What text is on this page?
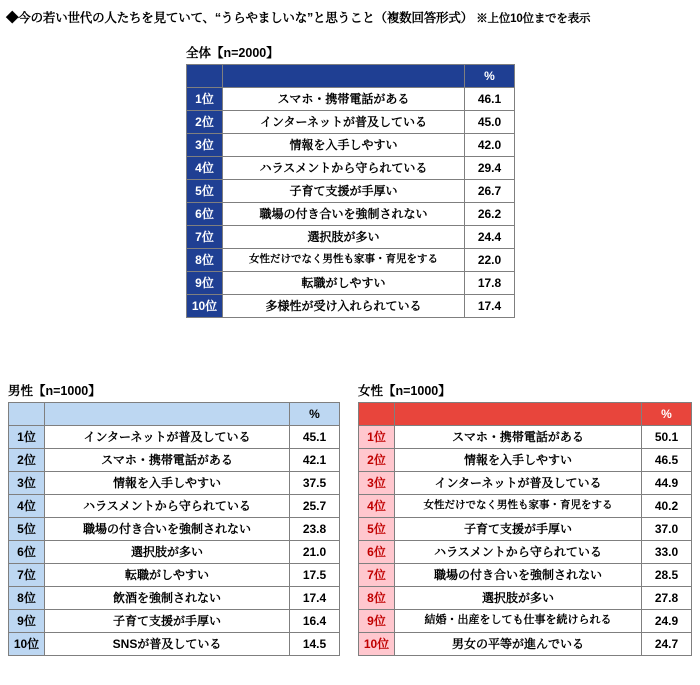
◆今の若い世代の人たちを見ていて、“うらやましいな”と思うこと（複数回答形式） ※上位10位までを表示
全体【n=2000】
		%
1位	スマホ・携帯電話がある	46.1
2位	インターネットが普及している	45.0
3位	情報を入手しやすい	42.0
4位	ハラスメントから守られている	29.4
5位	子育て支援が手厚い	26.7
6位	職場の付き合いを強制されない	26.2
7位	選択肢が多い	24.4
8位	女性だけでなく男性も家事・育児をする	22.0
9位	転職がしやすい	17.8
10位	多様性が受け入れられている	17.4
男性【n=1000】
		%
1位	インターネットが普及している	45.1
2位	スマホ・携帯電話がある	42.1
3位	情報を入手しやすい	37.5
4位	ハラスメントから守られている	25.7
5位	職場の付き合いを強制されない	23.8
6位	選択肢が多い	21.0
7位	転職がしやすい	17.5
8位	飲酒を強制されない	17.4
9位	子育て支援が手厚い	16.4
10位	SNSが普及している	14.5
女性【n=1000】
		%
1位	スマホ・携帯電話がある	50.1
2位	情報を入手しやすい	46.5
3位	インターネットが普及している	44.9
4位	女性だけでなく男性も家事・育児をする	40.2
5位	子育て支援が手厚い	37.0
6位	ハラスメントから守られている	33.0
7位	職場の付き合いを強制されない	28.5
8位	選択肢が多い	27.8
9位	結婚・出産をしても仕事を続けられる	24.9
10位	男女の平等が進んでいる	24.7
